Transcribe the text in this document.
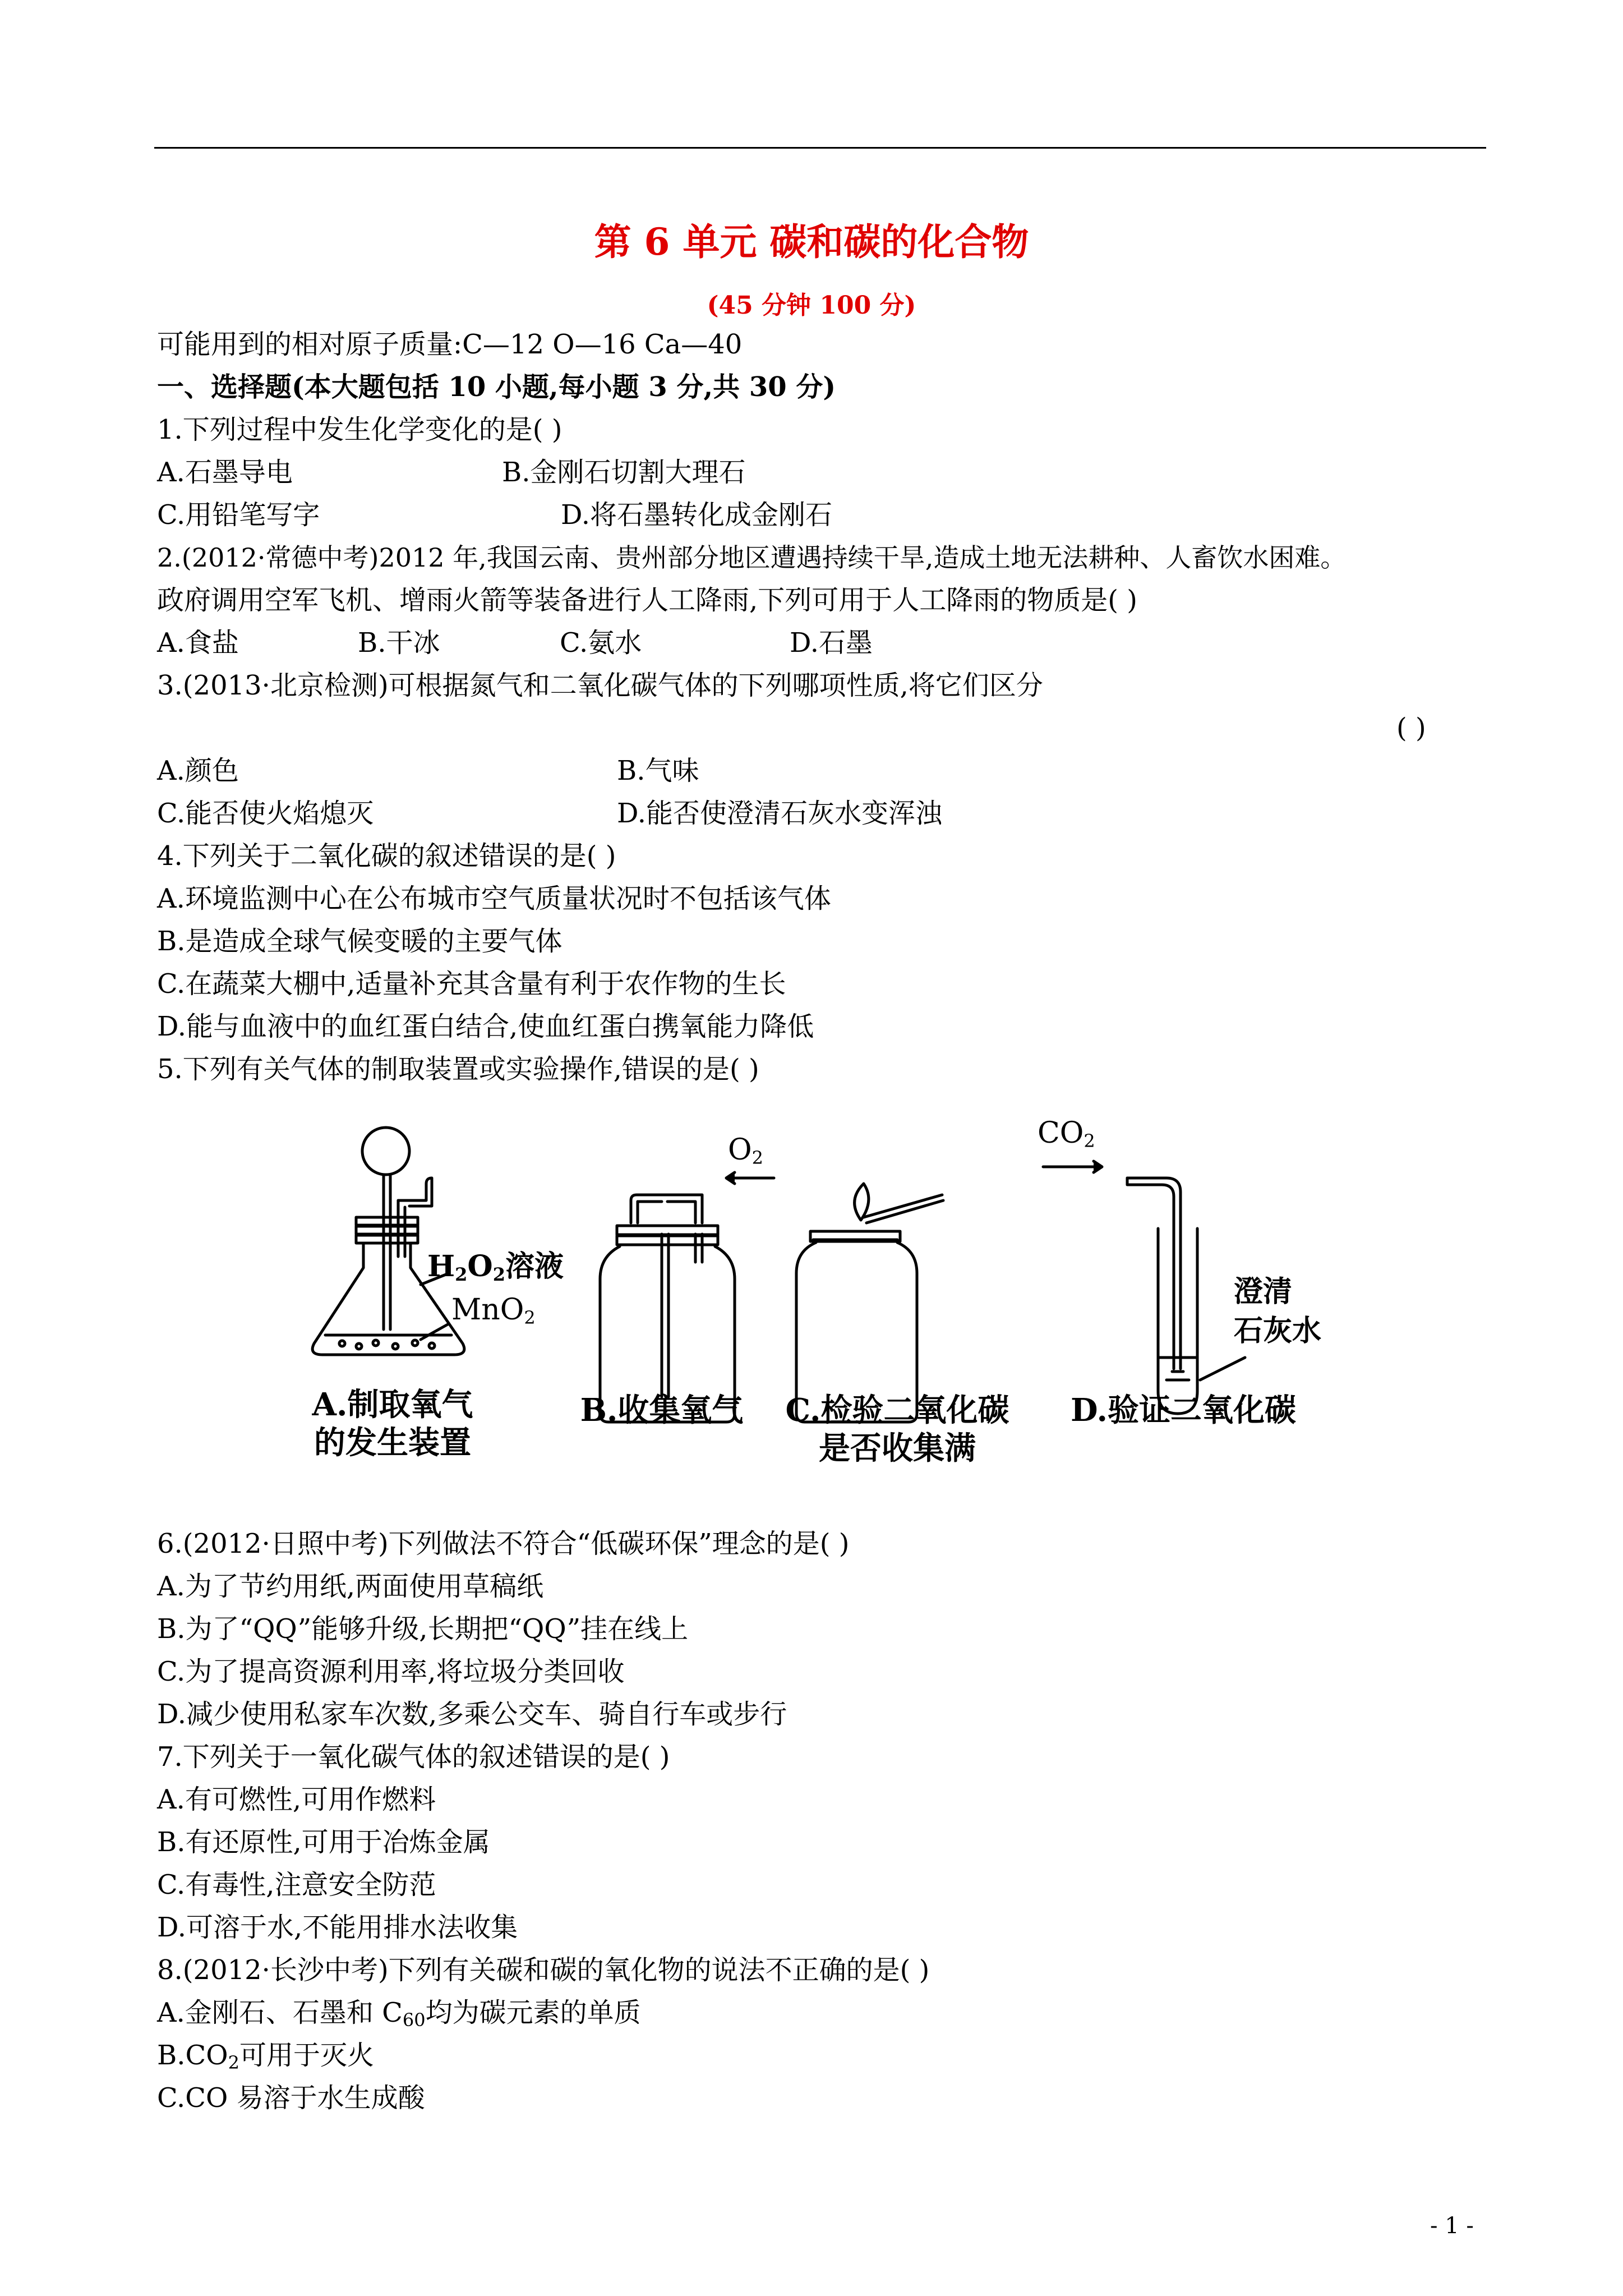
第 6 单元 碳和碳的化合物
(45 分钟 100 分)
可能用到的相对原子质量:C—12 O—16 Ca—40
一、选择题(本大题包括 10 小题,每小题 3 分,共 30 分)
1.下列过程中发生化学变化的是( )
A.石墨导电	B.金刚石切割大理石
C.用铅笔写字	D.将石墨转化成金刚石
2.(2012·常德中考)2012 年,我国云南、贵州部分地区遭遇持续干旱,造成土地无法耕种、人畜饮水困难。
政府调用空军飞机、增雨火箭等装备进行人工降雨,下列可用于人工降雨的物质是( )
A.食盐	B.干冰	C.氨水	D.石墨
3.(2013·北京检测)可根据氮气和二氧化碳气体的下列哪项性质,将它们区分
( )
A.颜色	B.气味
C.能否使火焰熄灭	D.能否使澄清石灰水变浑浊
4.下列关于二氧化碳的叙述错误的是( )
A.环境监测中心在公布城市空气质量状况时不包括该气体
B.是造成全球气候变暖的主要气体
C.在蔬菜大棚中,适量补充其含量有利于农作物的生长
D.能与血液中的血红蛋白结合,使血红蛋白携氧能力降低
5.下列有关气体的制取装置或实验操作,错误的是( )
$H_2O_2$溶液
MnO$_2$
$O_2$
$CO_2$
澄清
石灰水
A.制取氧气
的发生装置
B.收集氧气 C.检验二氧化碳
是否收集满
D.验证二氧化碳
6.(2012·日照中考)下列做法不符合“低碳环保”理念的是( )
A.为了节约用纸,两面使用草稿纸
B.为了“QQ”能够升级,长期把“QQ”挂在线上
C.为了提高资源利用率,将垃圾分类回收
D.减少使用私家车次数,多乘公交车、骑自行车或步行
7.下列关于一氧化碳气体的叙述错误的是( )
A.有可燃性,可用作燃料
B.有还原性,可用于冶炼金属
C.有毒性,注意安全防范
D.可溶于水,不能用排水法收集
8.(2012·长沙中考)下列有关碳和碳的氧化物的说法不正确的是( )
A.金刚石、石墨和 $C_{60}$均为碳元素的单质
$B.CO_2$可用于灭火
C.CO 易溶于水生成酸
- 1 -
